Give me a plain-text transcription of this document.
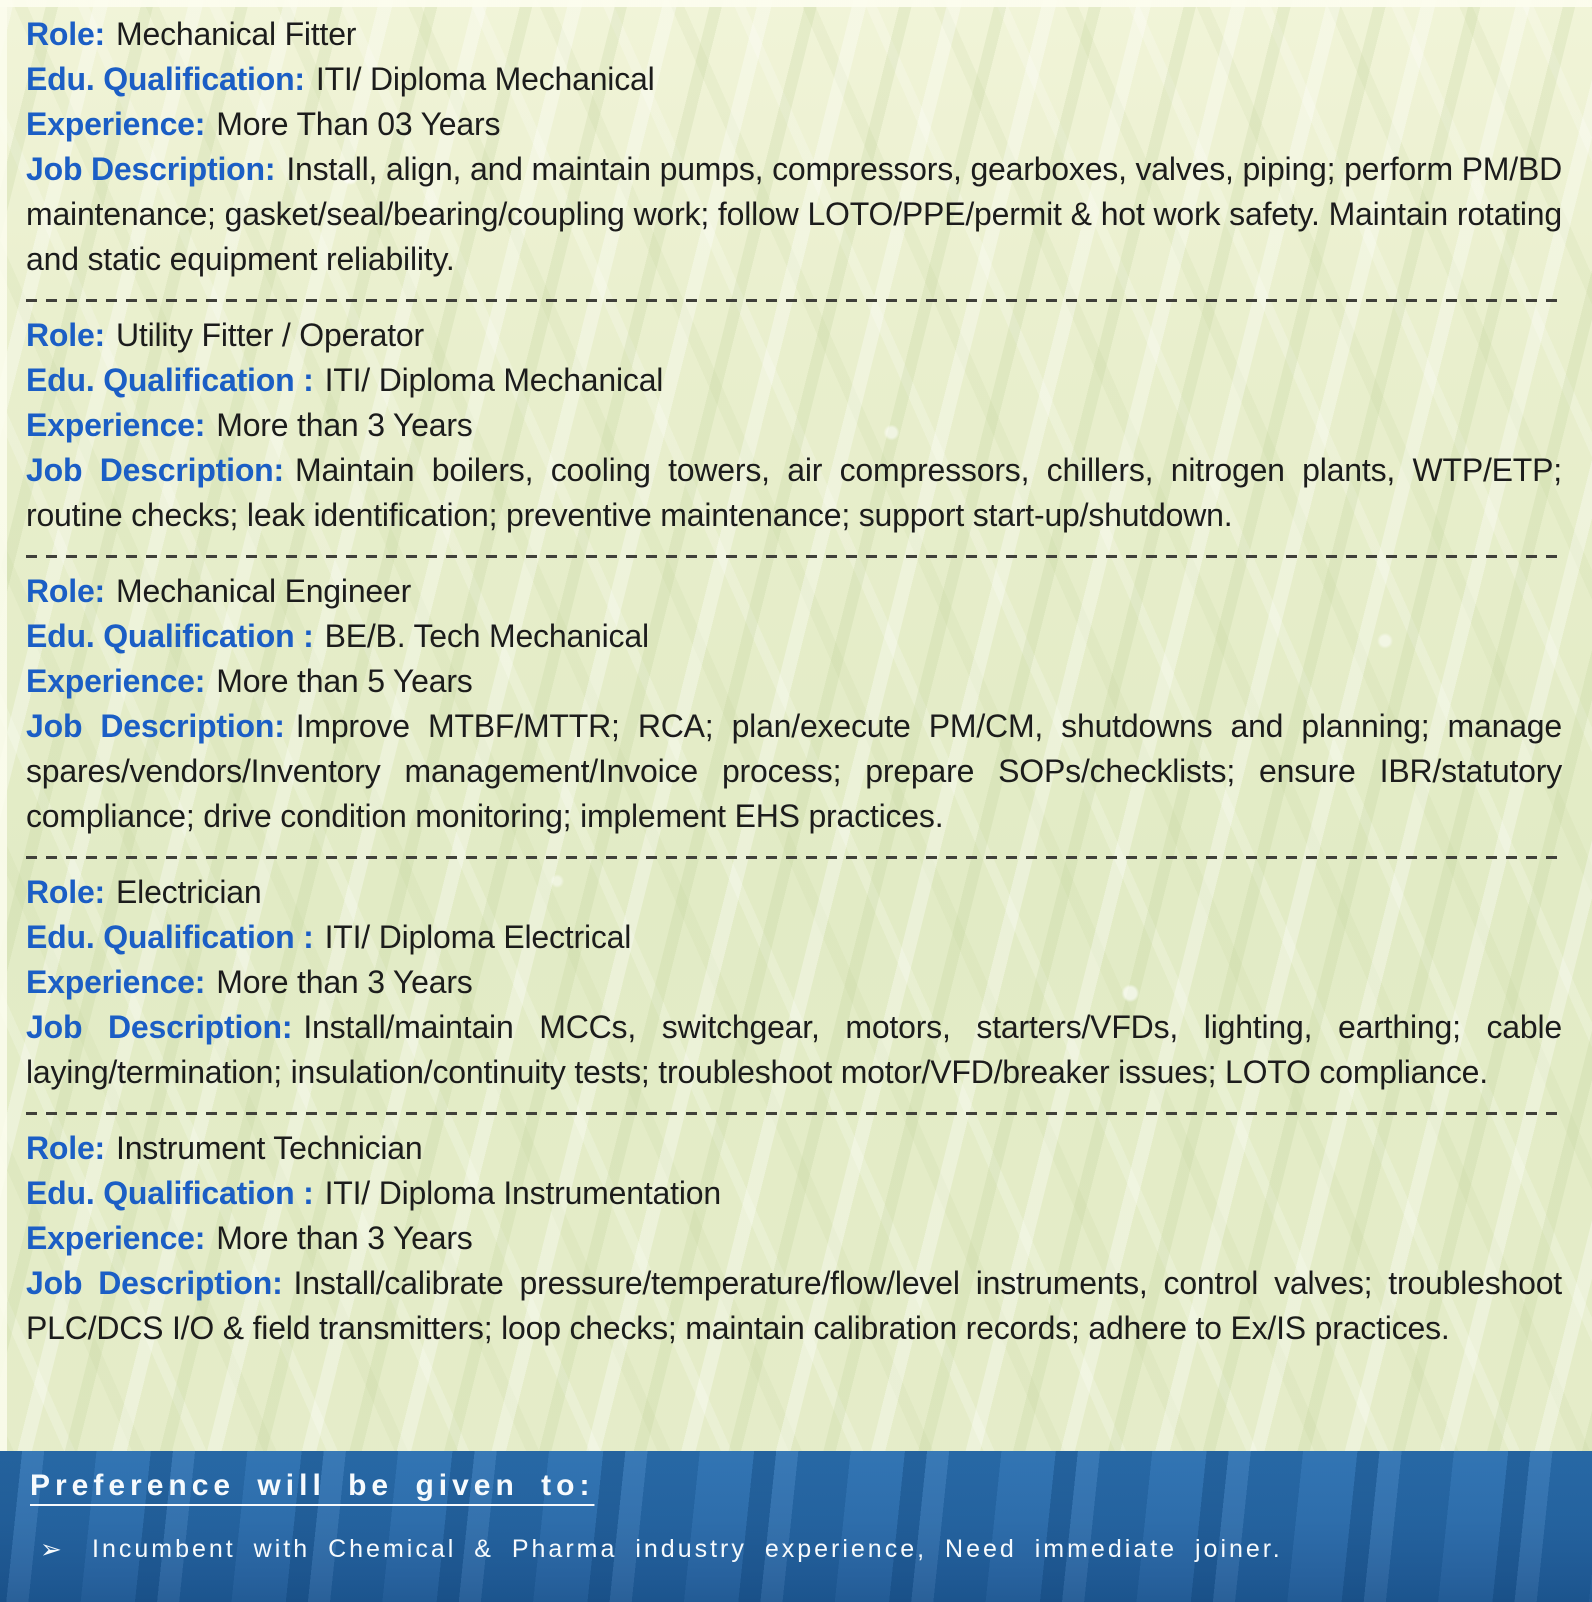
Role: Mechanical Fitter
Edu. Qualification: ITI/ Diploma Mechanical
Experience: More Than 03 Years

Job Description: Install, align, and maintain pumps, compressors, gearboxes, valves, piping; perform PM/BD maintenance; gasket/seal/bearing/coupling work; follow LOTO/PPE/permit & hot work safety. Maintain rotating and static equipment reliability.

Role: Utility Fitter / Operator
Edu. Qualification : ITI/ Diploma Mechanical
Experience: More than 3 Years

Job Description: Maintain boilers, cooling towers, air compressors, chillers, nitrogen plants, WTP/ETP; routine checks; leak identification; preventive maintenance; support start-up/shutdown.

Role: Mechanical Engineer
Edu. Qualification : BE/B. Tech Mechanical
Experience: More than 5 Years

Job Description: Improve MTBF/MTTR; RCA; plan/execute PM/CM, shutdowns and planning; manage spares/vendors/Inventory management/Invoice process; prepare SOPs/checklists; ensure IBR/statutory compliance; drive condition monitoring; implement EHS practices.

Role: Electrician
Edu. Qualification : ITI/ Diploma Electrical
Experience: More than 3 Years

Job Description: Install/maintain MCCs, switchgear, motors, starters/VFDs, lighting, earthing; cable laying/termination; insulation/continuity tests; troubleshoot motor/VFD/breaker issues; LOTO compliance.

Role: Instrument Technician
Edu. Qualification : ITI/ Diploma Instrumentation
Experience: More than 3 Years

Job Description: Install/calibrate pressure/temperature/flow/level instruments, control valves; troubleshoot PLC/DCS I/O & field transmitters; loop checks; maintain calibration records; adhere to Ex/IS practices.

Preference will be given to:
➢	Incumbent with Chemical & Pharma industry experience, Need immediate joiner.
